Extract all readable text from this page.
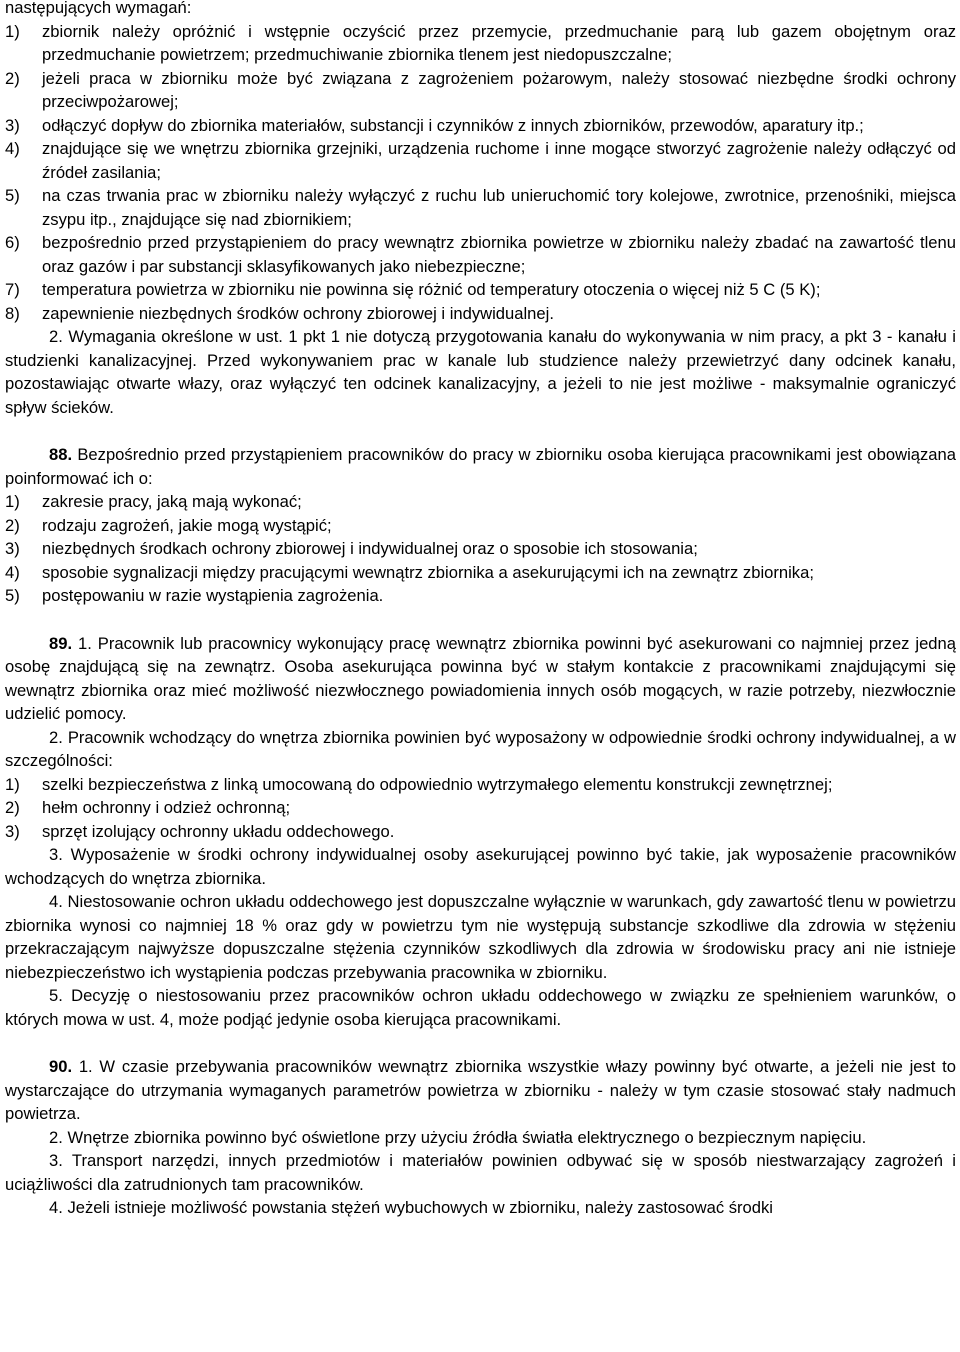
następujących wymagań:

1)	zbiornik należy opróżnić i wstępnie oczyścić przez przemycie, przedmuchanie parą lub gazem obojętnym oraz przedmuchanie powietrzem; przedmuchiwanie zbiornika tlenem jest niedopuszczalne;
2)	jeżeli praca w zbiorniku może być związana z zagrożeniem pożarowym, należy stosować niezbędne środki ochrony przeciwpożarowej;
3)	odłączyć dopływ do zbiornika materiałów, substancji i czynników z innych zbiorników, przewodów, aparatury itp.;
4)	znajdujące się we wnętrzu zbiornika grzejniki, urządzenia ruchome i inne mogące stworzyć zagrożenie należy odłączyć od źródeł zasilania;
5)	na czas trwania prac w zbiorniku należy wyłączyć z ruchu lub unieruchomić tory kolejowe, zwrotnice, przenośniki, miejsca zsypu itp., znajdujące się nad zbiornikiem;
6)	bezpośrednio przed przystąpieniem do pracy wewnątrz zbiornika powietrze w zbiorniku należy zbadać na zawartość tlenu oraz gazów i par substancji sklasyfikowanych jako niebezpieczne;
7)	temperatura powietrza w zbiorniku nie powinna się różnić od temperatury otoczenia o więcej niż 5 C (5 K);
8)	zapewnienie niezbędnych środków ochrony zbiorowej i indywidualnej.

2. Wymagania określone w ust. 1 pkt 1 nie dotyczą przygotowania kanału do wykonywania w nim pracy, a pkt 3 - kanału i studzienki kanalizacyjnej. Przed wykonywaniem prac w kanale lub studzience należy przewietrzyć dany odcinek kanału, pozostawiając otwarte włazy, oraz wyłączyć ten odcinek kanalizacyjny, a jeżeli to nie jest możliwe - maksymalnie ograniczyć spływ ścieków.

88. Bezpośrednio przed przystąpieniem pracowników do pracy w zbiorniku osoba kierująca pracownikami jest obowiązana poinformować ich o:

1)	zakresie pracy, jaką mają wykonać;
2)	rodzaju zagrożeń, jakie mogą wystąpić;
3)	niezbędnych środkach ochrony zbiorowej i indywidualnej oraz o sposobie ich stosowania;
4)	sposobie sygnalizacji między pracującymi wewnątrz zbiornika a asekurującymi ich na zewnątrz zbiornika;
5)	postępowaniu w razie wystąpienia zagrożenia.

89. 1. Pracownik lub pracownicy wykonujący pracę wewnątrz zbiornika powinni być asekurowani co najmniej przez jedną osobę znajdującą się na zewnątrz. Osoba asekurująca powinna być w stałym kontakcie z pracownikami znajdującymi się wewnątrz zbiornika oraz mieć możliwość niezwłocznego powiadomienia innych osób mogących, w razie potrzeby, niezwłocznie udzielić pomocy.

2. Pracownik wchodzący do wnętrza zbiornika powinien być wyposażony w odpowiednie środki ochrony indywidualnej, a w szczególności:

1)	szelki bezpieczeństwa z linką umocowaną do odpowiednio wytrzymałego elementu konstrukcji zewnętrznej;
2)	hełm ochronny i odzież ochronną;
3)	sprzęt izolujący ochronny układu oddechowego.

3. Wyposażenie w środki ochrony indywidualnej osoby asekurującej powinno być takie, jak wyposażenie pracowników wchodzących do wnętrza zbiornika.

4. Niestosowanie ochron układu oddechowego jest dopuszczalne wyłącznie w warunkach, gdy zawartość tlenu w powietrzu zbiornika wynosi co najmniej 18 % oraz gdy w powietrzu tym nie występują substancje szkodliwe dla zdrowia w stężeniu przekraczającym najwyższe dopuszczalne stężenia czynników szkodliwych dla zdrowia w środowisku pracy ani nie istnieje niebezpieczeństwo ich wystąpienia podczas przebywania pracownika w zbiorniku.

5. Decyzję o niestosowaniu przez pracowników ochron układu oddechowego w związku ze spełnieniem warunków, o których mowa w ust. 4, może podjąć jedynie osoba kierująca pracownikami.

90. 1. W czasie przebywania pracowników wewnątrz zbiornika wszystkie włazy powinny być otwarte, a jeżeli nie jest to wystarczające do utrzymania wymaganych parametrów powietrza w zbiorniku - należy w tym czasie stosować stały nadmuch powietrza.

2. Wnętrze zbiornika powinno być oświetlone przy użyciu źródła światła elektrycznego o bezpiecznym napięciu.

3. Transport narzędzi, innych przedmiotów i materiałów powinien odbywać się w sposób niestwarzający zagrożeń i uciążliwości dla zatrudnionych tam pracowników.

4. Jeżeli istnieje możliwość powstania stężeń wybuchowych w zbiorniku, należy zastosować środki
